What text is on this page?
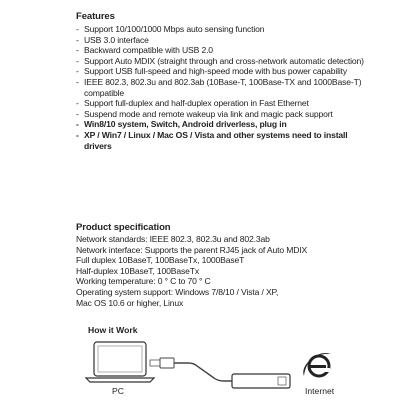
Features
- Support 10/100/1000 Mbps auto sensing function
- USB 3.0 interface
- Backward compatible with USB 2.0
- Support Auto MDIX (straight through and cross-network automatic detection)
- Support USB full-speed and high-speed mode with bus power capability
- IEEE 802.3, 802.3u and 802.3ab (10Base-T, 100Base-TX and 1000Base-T) compatible
- Support full-duplex and half-duplex operation in Fast Ethernet
- Suspend mode and remote wakeup via link and magic pack support
- Win8/10 system, Switch, Android driverless, plug in
- XP / Win7 / Linux / Mac OS / Vista and other systems need to install drivers
Product specification
Network standards: IEEE 802.3, 802.3u and 802.3ab
Network interface: Supports the parent RJ45 jack of Auto MDIX
Full duplex 10BaseT, 100BaseTx, 1000BaseT
Half-duplex 10BaseT, 100BaseTx
Working temperature: 0 ° C to 70 ° C
Operating system support: Windows 7/8/10 / Vista / XP,
Mac OS 10.6 or higher, Linux
How it Work
PC	Internet
